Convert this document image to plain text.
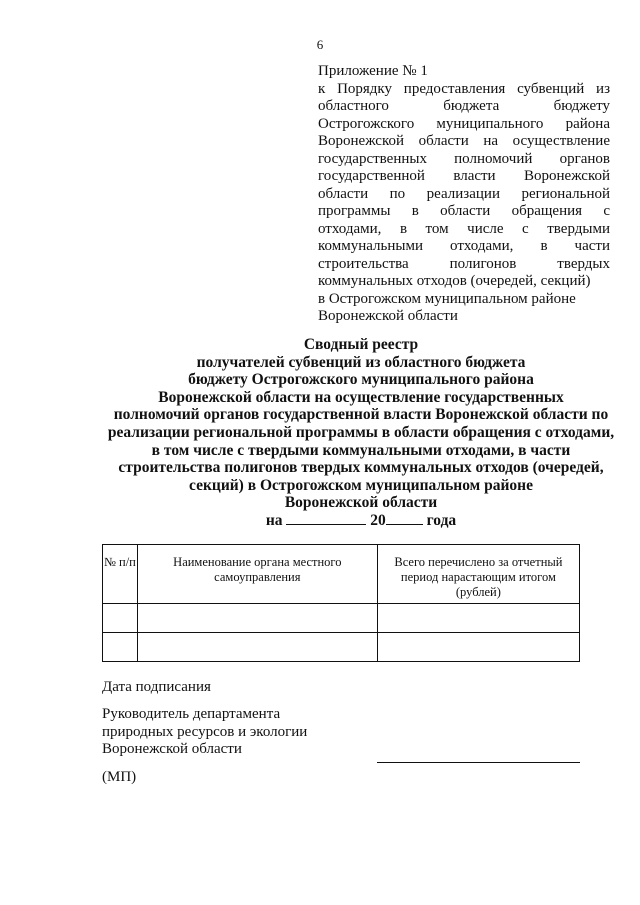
6
Приложение № 1
к Порядку предоставления субвенций из
областного бюджета бюджету
Острогожского муниципального района
Воронежской области на осуществление
государственных полномочий органов
государственной власти Воронежской
области по реализации региональной
программы в области обращения с
отходами, в том числе с твердыми
коммунальными отходами, в части
строительства полигонов твердых
коммунальных отходов (очередей, секций)
в Острогожском муниципальном районе
Воронежской области
Сводный реестр
получателей субвенций из областного бюджета
бюджету Острогожского муниципального района
Воронежской области на осуществление государственных
полномочий органов государственной власти Воронежской области по
реализации региональной программы в области обращения с отходами,
в том числе с твердыми коммунальными отходами, в части
строительства полигонов твердых коммунальных отходов (очередей,
секций) в Острогожском муниципальном районе
Воронежской области
на	20	года
№ п/п	Наименование органа местного самоуправления	Всего перечислено за отчетный период нарастающим итогом (рублей)

Дата подписания
Руководитель департамента
природных ресурсов и экологии
Воронежской области
(МП)
